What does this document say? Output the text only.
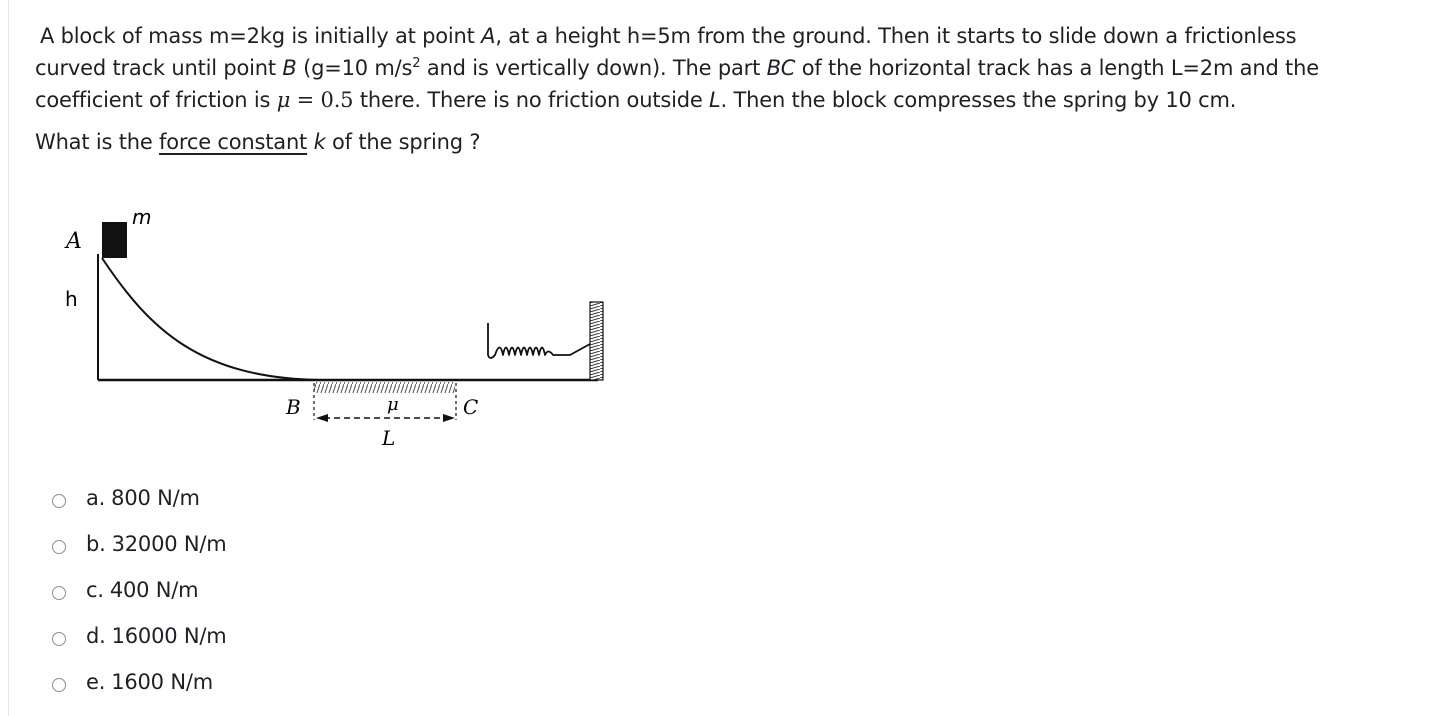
A block of mass m=2kg is initially at point A, at a height h=5m from the ground. Then it starts to slide down a frictionless

curved track until point B (g=10 $m/s^2$ and is vertically down). The part BC of the horizontal track has a length L=2m and the

coefficient of friction is μ = 0.5 there. There is no friction outside L. Then the block compresses the spring by 10 cm.

What is the force constant k of the spring ?

m
A
h
B	μ	C
L
a. 800 N/m
b. 32000 N/m
c. 400 N/m
d. 16000 N/m
e. 1600 N/m
